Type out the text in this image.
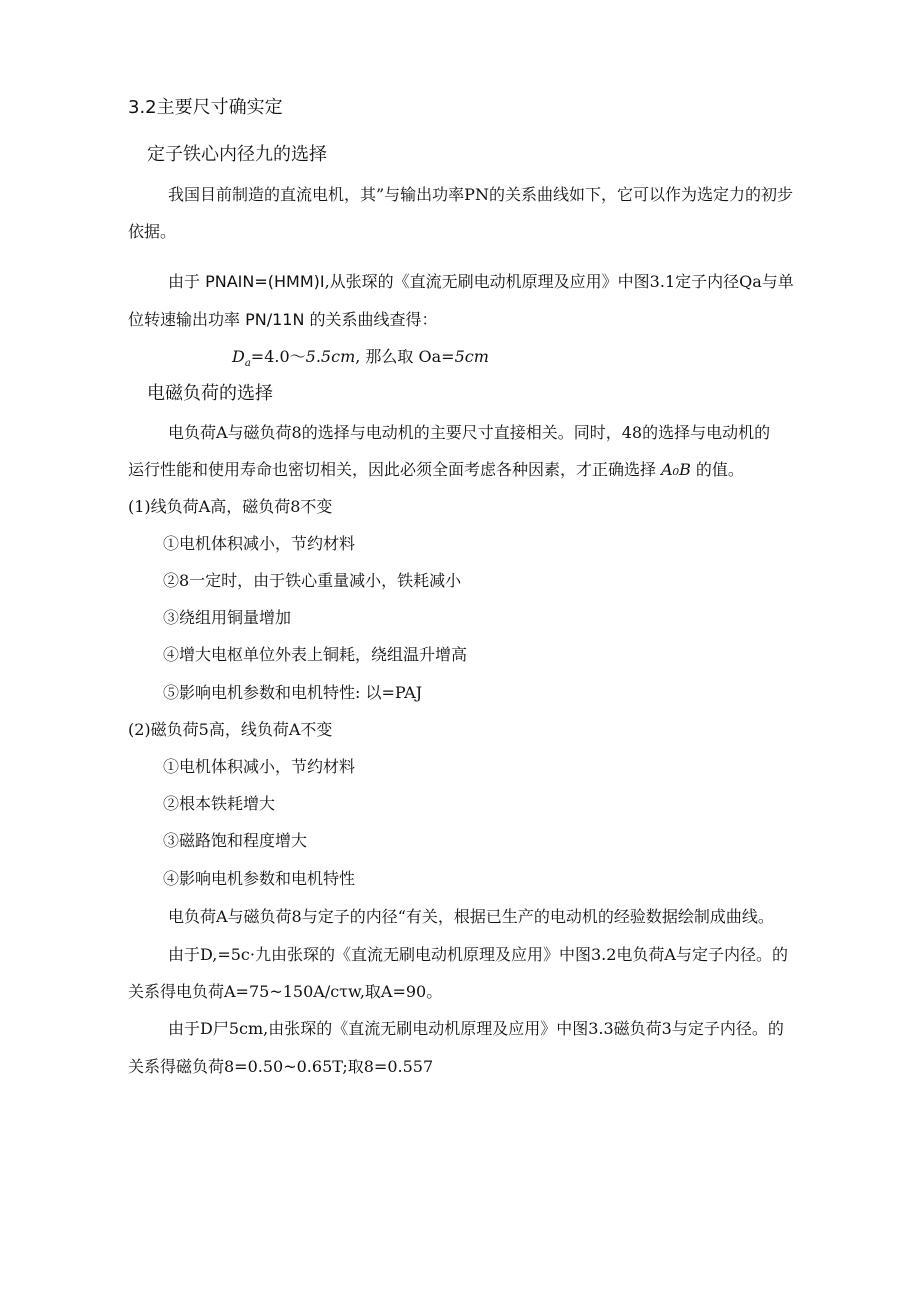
3.2主要尺寸确实定
定子铁心内径九的选择
我国目前制造的直流电机，其”与输出功率PN的关系曲线如下，它可以作为选定力的初步
依据。
由于 PNAIN=(HMM)I,从张琛的《直流无刷电动机原理及应用》中图3.1定子内径Qa与单
位转速输出功率 PN/11N 的关系曲线查得：
$D_a=4.0\sim 5.5cm$, 那么取 Oa=5cm
电磁负荷的选择
电负荷A与磁负荷8的选择与电动机的主要尺寸直接相关。同时，48的选择与电动机的
运行性能和使用寿命也密切相关，因此必须全面考虑各种因素，才正确选择 A₀B 的值。
(1)线负荷A高，磁负荷8不变
①电机体积减小，节约材料
②8一定时，由于铁心重量减小，铁耗减小
③绕组用铜量增加
④增大电枢单位外表上铜耗，绕组温升增高
⑤影响电机参数和电机特性: 以=PAJ
(2)磁负荷5高，线负荷A不变
①电机体积减小，节约材料
②根本铁耗增大
③磁路饱和程度增大
④影响电机参数和电机特性
电负荷A与磁负荷8与定子的内径“有关，根据已生产的电动机的经验数据绘制成曲线。
由于D,=5c·九由张琛的《直流无刷电动机原理及应用》中图3.2电负荷A与定子内径。的
关系得电负荷A=75~150A/cτw,取A=90。
由于D尸5cm,由张琛的《直流无刷电动机原理及应用》中图3.3磁负荷3与定子内径。的
关系得磁负荷8=0.50~0.65T;取8=0.557
